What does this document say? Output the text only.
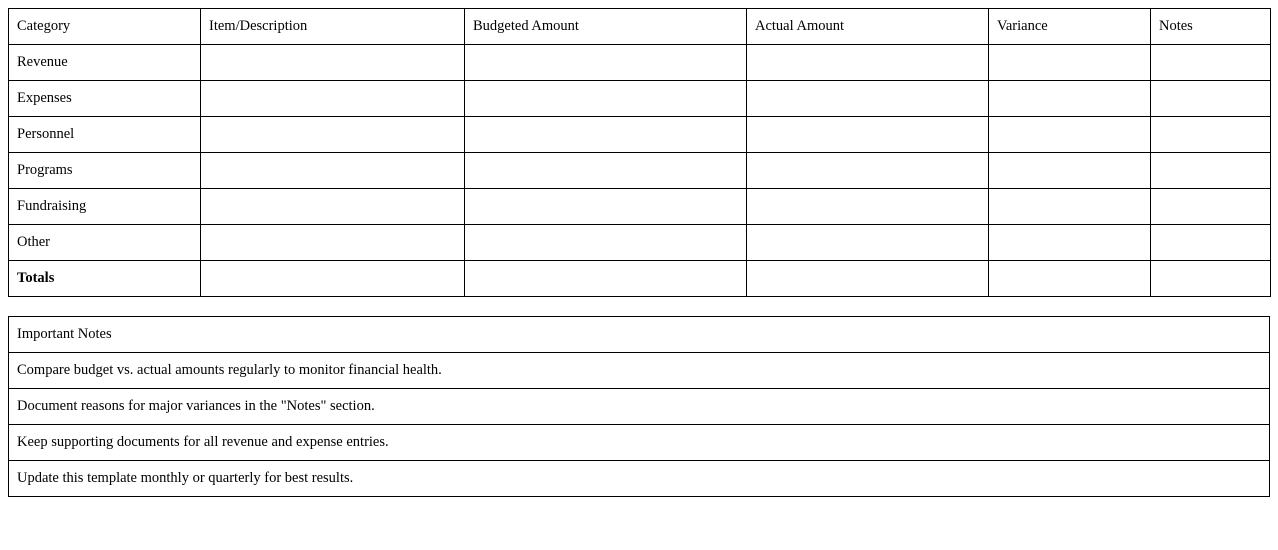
Category	Item/Description	Budgeted Amount	Actual Amount	Variance	Notes
Revenue					
Expenses					
Personnel					
Programs					
Fundraising					
Other					
Totals					
Important Notes
Compare budget vs. actual amounts regularly to monitor financial health.
Document reasons for major variances in the "Notes" section.
Keep supporting documents for all revenue and expense entries.
Update this template monthly or quarterly for best results.
